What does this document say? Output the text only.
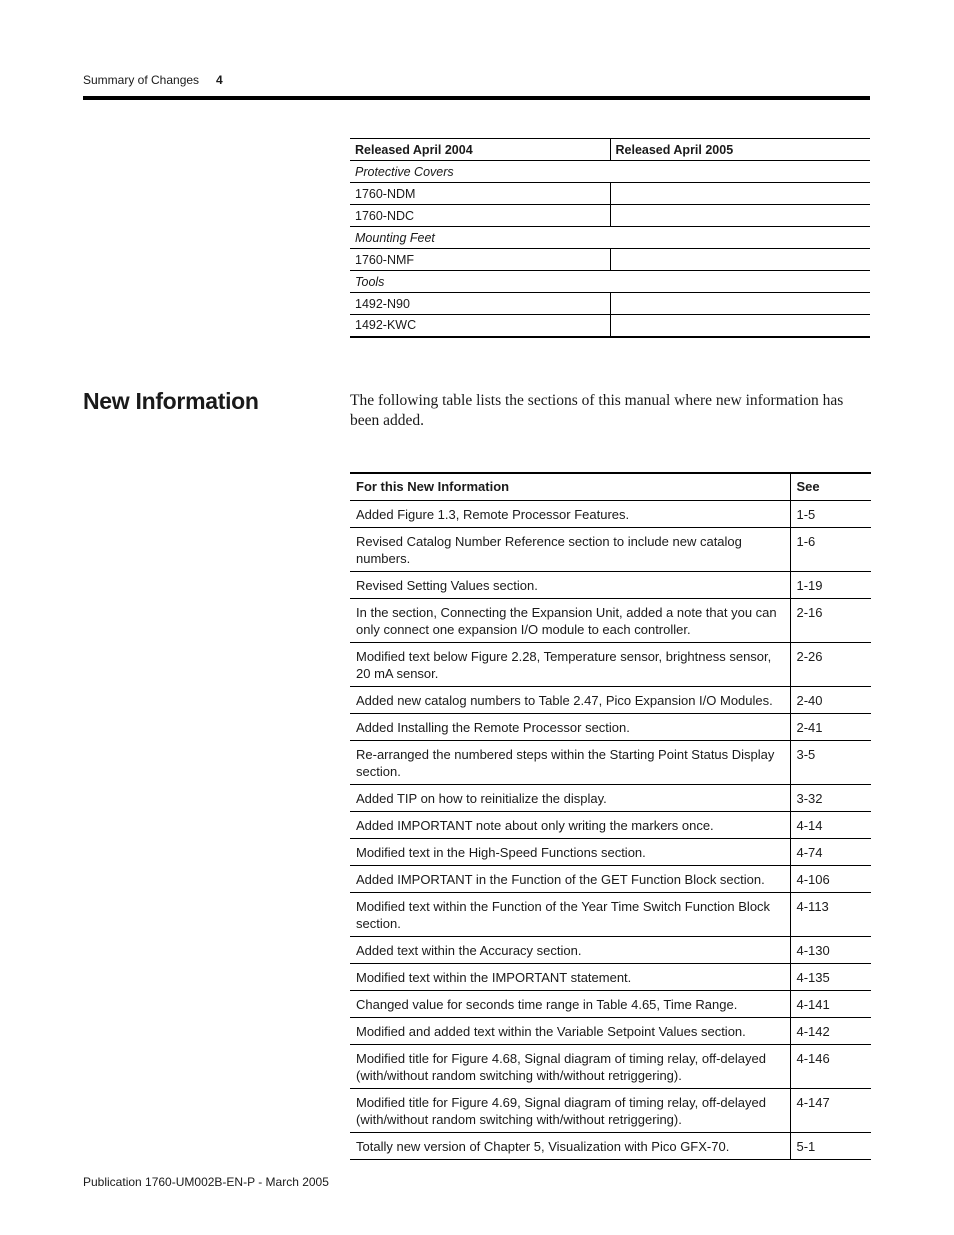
Summary of Changes 4
Released April 2004	Released April 2005
Protective Covers	
1760-NDM	
1760-NDC	
Mounting Feet	
1760-NMF	
Tools	
1492-N90	
1492-KWC	
New Information	The following table lists the sections of this manual where new information has been added.

For this New Information	See
Added Figure 1.3, Remote Processor Features.	1-5
Revised Catalog Number Reference section to include new catalog numbers.	1-6
Revised Setting Values section.	1-19
In the section, Connecting the Expansion Unit, added a note that you can only connect one expansion I/O module to each controller.	2-16
Modified text below Figure 2.28, Temperature sensor, brightness sensor, 20 mA sensor.	2-26
Added new catalog numbers to Table 2.47, Pico Expansion I/O Modules.	2-40
Added Installing the Remote Processor section.	2-41
Re-arranged the numbered steps within the Starting Point Status Display section.	3-5
Added TIP on how to reinitialize the display.	3-32
Added IMPORTANT note about only writing the markers once.	4-14
Modified text in the High-Speed Functions section.	4-74
Added IMPORTANT in the Function of the GET Function Block section.	4-106
Modified text within the Function of the Year Time Switch Function Block section.	4-113
Added text within the Accuracy section.	4-130
Modified text within the IMPORTANT statement.	4-135
Changed value for seconds time range in Table 4.65, Time Range.	4-141
Modified and added text within the Variable Setpoint Values section.	4-142
Modified title for Figure 4.68, Signal diagram of timing relay, off-delayed (with/without random switching with/without retriggering).	4-146
Modified title for Figure 4.69, Signal diagram of timing relay, off-delayed (with/without random switching with/without retriggering).	4-147
Totally new version of Chapter 5, Visualization with Pico GFX-70.	5-1
Publication 1760-UM002B-EN-P - March 2005
